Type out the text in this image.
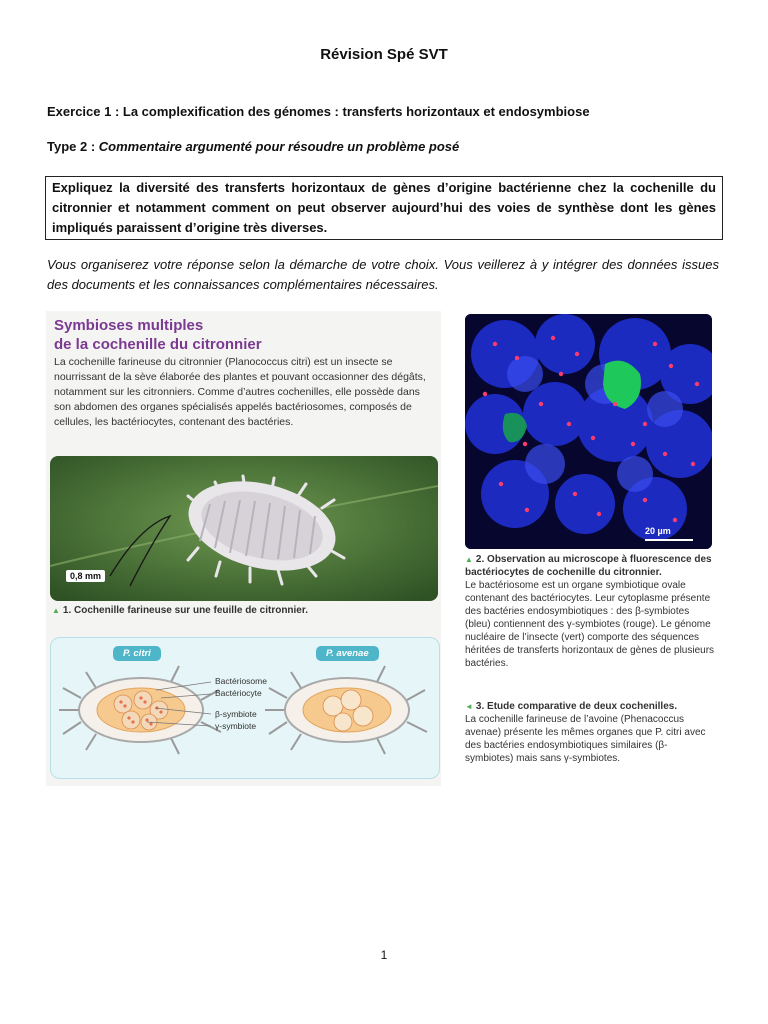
Révision Spé SVT
Exercice 1 : La complexification des génomes : transferts horizontaux et endosymbiose
Type 2 : Commentaire argumenté pour résoudre un problème posé
Expliquez la diversité des transferts horizontaux de gènes d’origine bactérienne chez la cochenille du citronnier et notamment comment on peut observer aujourd’hui des voies de synthèse dont les gènes impliqués paraissent d’origine très diverses.
Vous organiserez votre réponse selon la démarche de votre choix. Vous veillerez à y intégrer des données issues des documents et les connaissances complémentaires nécessaires.
Symbioses multiples
de la cochenille du citronnier
La cochenille farineuse du citronnier (Planococcus citri) est un insecte se nourrissant de la sève élaborée des plantes et pouvant occasionner des dégâts, notamment sur les citronniers. Comme d’autres cochenilles, elle possède dans son abdomen des organes spécialisés appelés bactériosomes, composés de cellules, les bactériocytes, contenant des bactéries.
0,8 mm
▲ 1. Cochenille farineuse sur une feuille de citronnier.
P. citri	P. avenae
Bactériosome
Bactériocyte
β-symbiote
γ-symbiote
20 µm
▲ 2. Observation au microscope à fluorescence des bactériocytes de cochenille du citronnier.
Le bactériosome est un organe symbiotique ovale contenant des bactériocytes. Leur cytoplasme présente des bactéries endosymbiotiques : des β-symbiotes (bleu) contiennent des γ-symbiotes (rouge). Le génome nucléaire de l’insecte (vert) comporte des séquences héritées de transferts horizontaux de gènes de plusieurs bactéries.
◄ 3. Etude comparative de deux cochenilles.
La cochenille farineuse de l’avoine (Phenacoccus avenae) présente les mêmes organes que P. citri avec des bactéries endosymbiotiques similaires (β-symbiotes) mais sans γ-symbiotes.
1
